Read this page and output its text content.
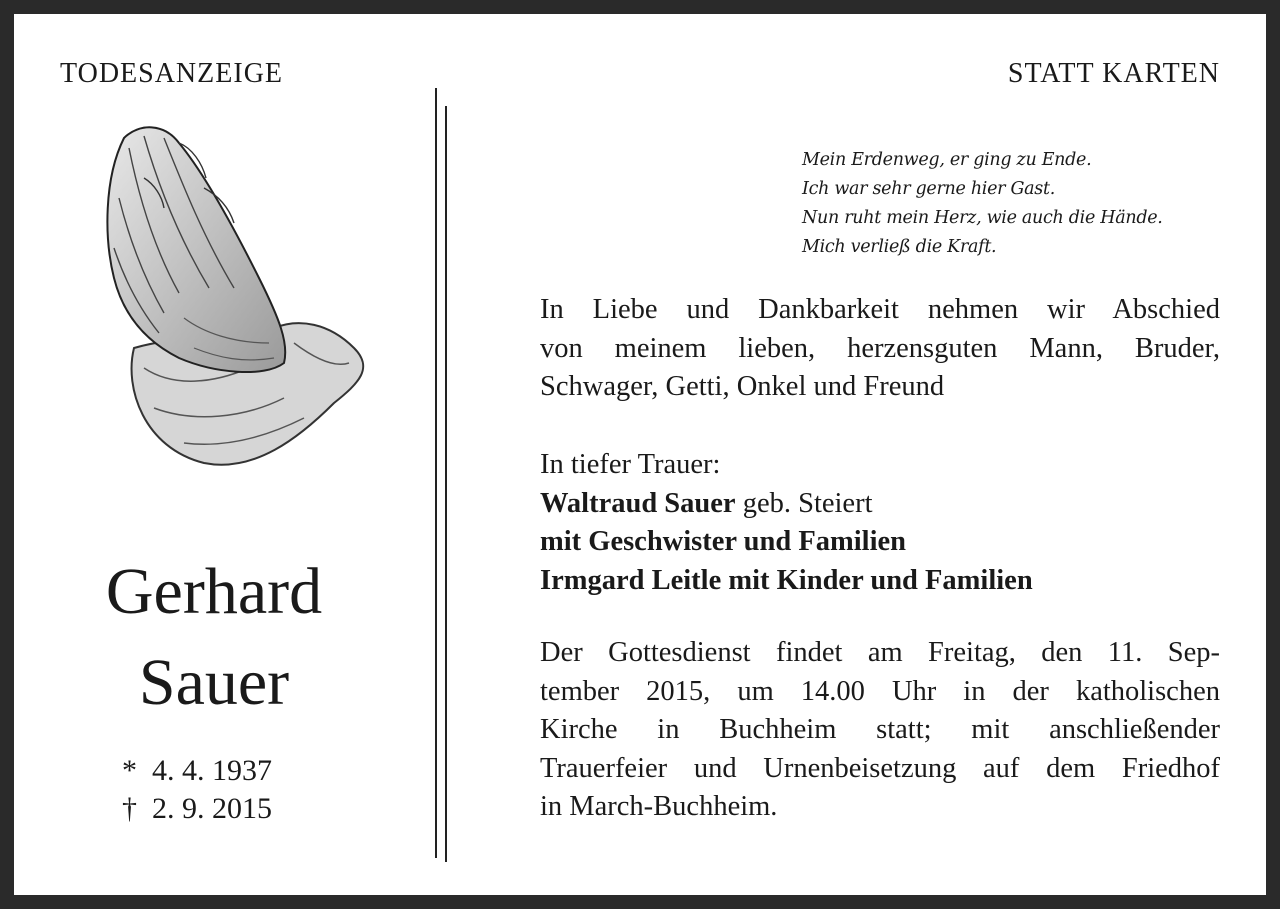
TODESANZEIGE
Gerhard
Sauer
* 4. 4. 1937
† 2. 9. 2015
STATT KARTEN
Mein Erdenweg, er ging zu Ende.
Ich war sehr gerne hier Gast.
Nun ruht mein Herz, wie auch die Hände.
Mich verließ die Kraft.
In Liebe und Dankbarkeit nehmen wir Abschied
von meinem lieben, herzensguten Mann, Bruder,
Schwager, Getti, Onkel und Freund
In tiefer Trauer:
Waltraud Sauer geb. Steiert
mit Geschwister und Familien
Irmgard Leitle mit Kinder und Familien
Der Gottesdienst findet am Freitag, den 11. Sep-
tember 2015, um 14.00 Uhr in der katholischen
Kirche in Buchheim statt; mit anschließender
Trauerfeier und Urnenbeisetzung auf dem Friedhof
in March-Buchheim.
